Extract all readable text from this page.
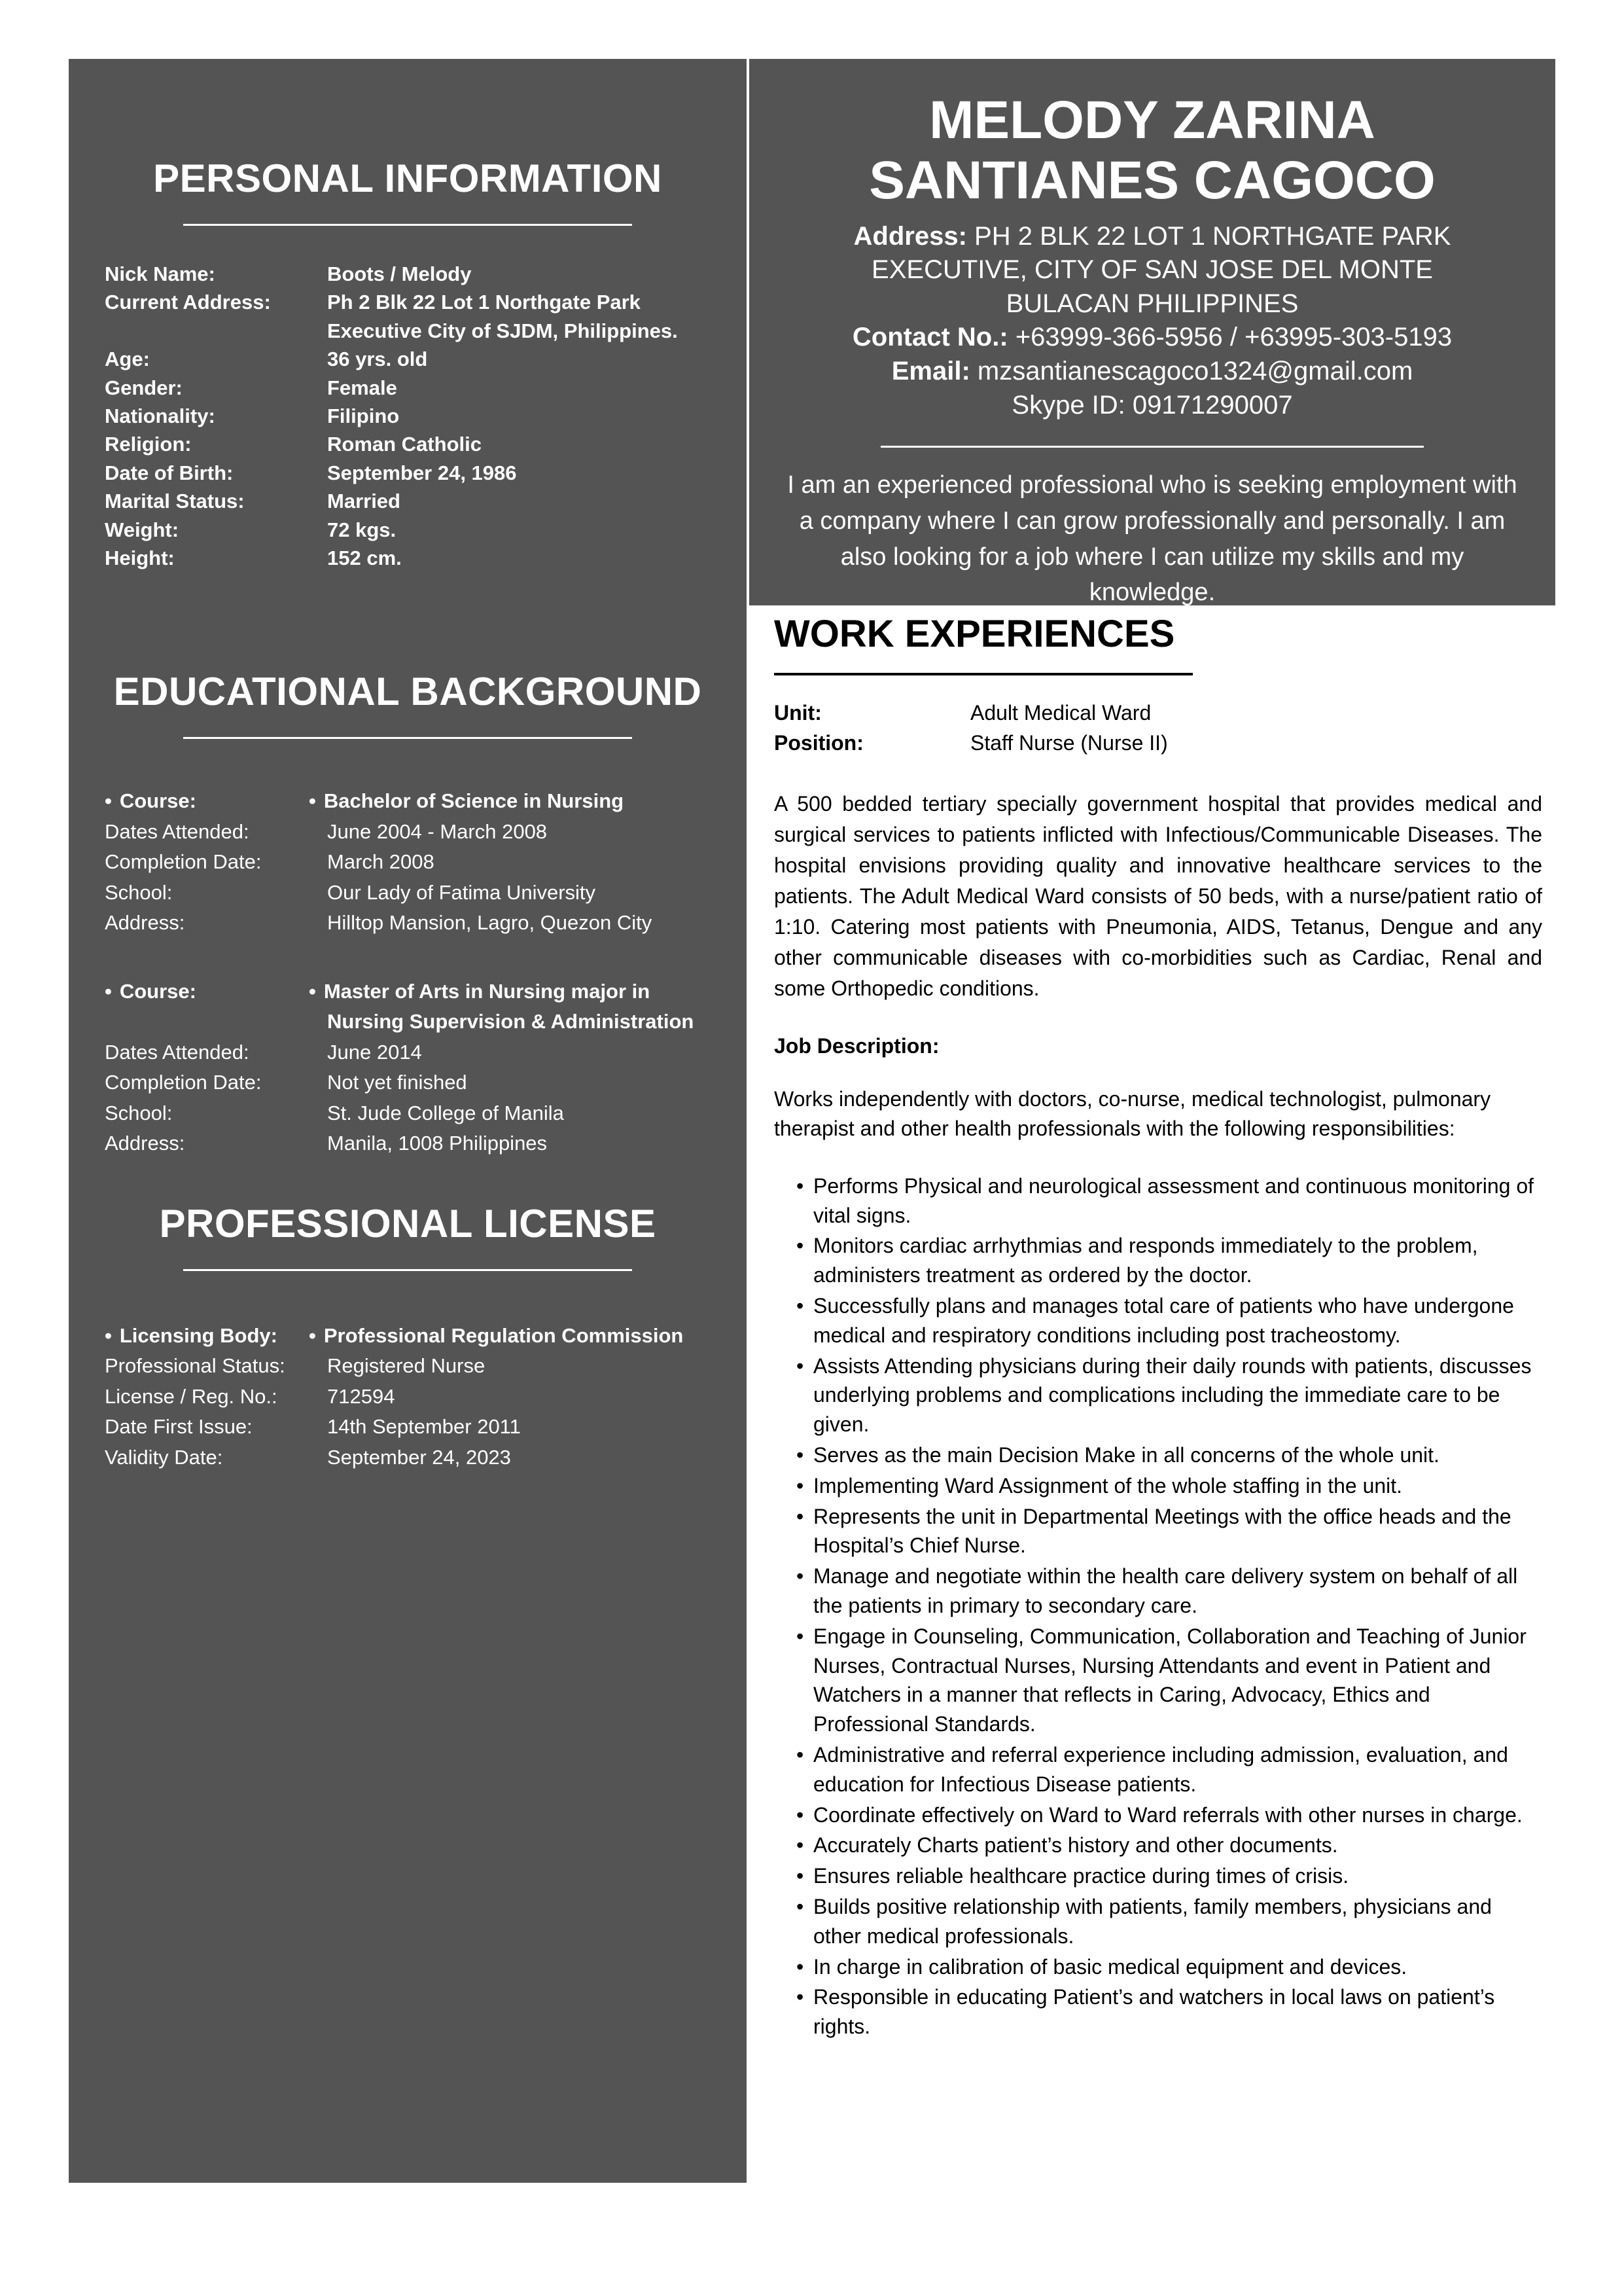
PERSONAL INFORMATION
Nick Name:	Boots / Melody
Current Address:	Ph 2 Blk 22 Lot 1 Northgate Park
	Executive City of SJDM, Philippines.
Age:	36 yrs. old
Gender:	Female
Nationality:	Filipino
Religion:	Roman Catholic
Date of Birth:	September 24, 1986
Marital Status:	Married
Weight:	72 kgs.
Height:	152 cm.
EDUCATIONAL BACKGROUND
• Course:	• Bachelor of Science in Nursing
Dates Attended:	June 2004 - March 2008
Completion Date:	March 2008
School:	Our Lady of Fatima University
Address:	Hilltop Mansion, Lagro, Quezon City
• Course:	• Master of Arts in Nursing major in
	Nursing Supervision & Administration
Dates Attended:	June 2014
Completion Date:	Not yet finished
School:	St. Jude College of Manila
Address:	Manila, 1008 Philippines
PROFESSIONAL LICENSE
• Licensing Body:	• Professional Regulation Commission
Professional Status:	Registered Nurse
License / Reg. No.:	712594
Date First Issue:	14th September 2011
Validity Date:	September 24, 2023
MELODY ZARINA
SANTIANES CAGOCO

Address: PH 2 BLK 22 LOT 1 NORTHGATE PARK

EXECUTIVE, CITY OF SAN JOSE DEL MONTE

BULACAN PHILIPPINES

Contact No.: +63999-366-5956 / +63995-303-5193

Email: mzsantianescagoco1324@gmail.com

Skype ID: 09171290007

I am an experienced professional who is seeking employment with a company where I can grow professionally and personally. I am also looking for a job where I can utilize my skills and my knowledge.

WORK EXPERIENCES
Unit:	Adult Medical Ward
Position:	Staff Nurse (Nurse II)

A 500 bedded tertiary specially government hospital that provides medical and surgical services to patients inflicted with Infectious/Communicable Diseases. The hospital envisions providing quality and innovative healthcare services to the patients. The Adult Medical Ward consists of 50 beds, with a nurse/patient ratio of 1:10. Catering most patients with Pneumonia, AIDS, Tetanus, Dengue and any other communicable diseases with co-morbidities such as Cardiac, Renal and some Orthopedic conditions.

Job Description:

Works independently with doctors, co-nurse, medical technologist, pulmonary therapist and other health professionals with the following responsibilities:

• Performs Physical and neurological assessment and continuous monitoring of vital signs.
• Monitors cardiac arrhythmias and responds immediately to the problem, administers treatment as ordered by the doctor.
• Successfully plans and manages total care of patients who have undergone medical and respiratory conditions including post tracheostomy.
• Assists Attending physicians during their daily rounds with patients, discusses underlying problems and complications including the immediate care to be given.
• Serves as the main Decision Make in all concerns of the whole unit.
• Implementing Ward Assignment of the whole staffing in the unit.
• Represents the unit in Departmental Meetings with the office heads and the Hospital’s Chief Nurse.
• Manage and negotiate within the health care delivery system on behalf of all the patients in primary to secondary care.
• Engage in Counseling, Communication, Collaboration and Teaching of Junior Nurses, Contractual Nurses, Nursing Attendants and event in Patient and Watchers in a manner that reflects in Caring, Advocacy, Ethics and Professional Standards.
• Administrative and referral experience including admission, evaluation, and education for Infectious Disease patients.
• Coordinate effectively on Ward to Ward referrals with other nurses in charge.
• Accurately Charts patient’s history and other documents.
• Ensures reliable healthcare practice during times of crisis.
• Builds positive relationship with patients, family members, physicians and other medical professionals.
• In charge in calibration of basic medical equipment and devices.
• Responsible in educating Patient’s and watchers in local laws on patient’s rights.
